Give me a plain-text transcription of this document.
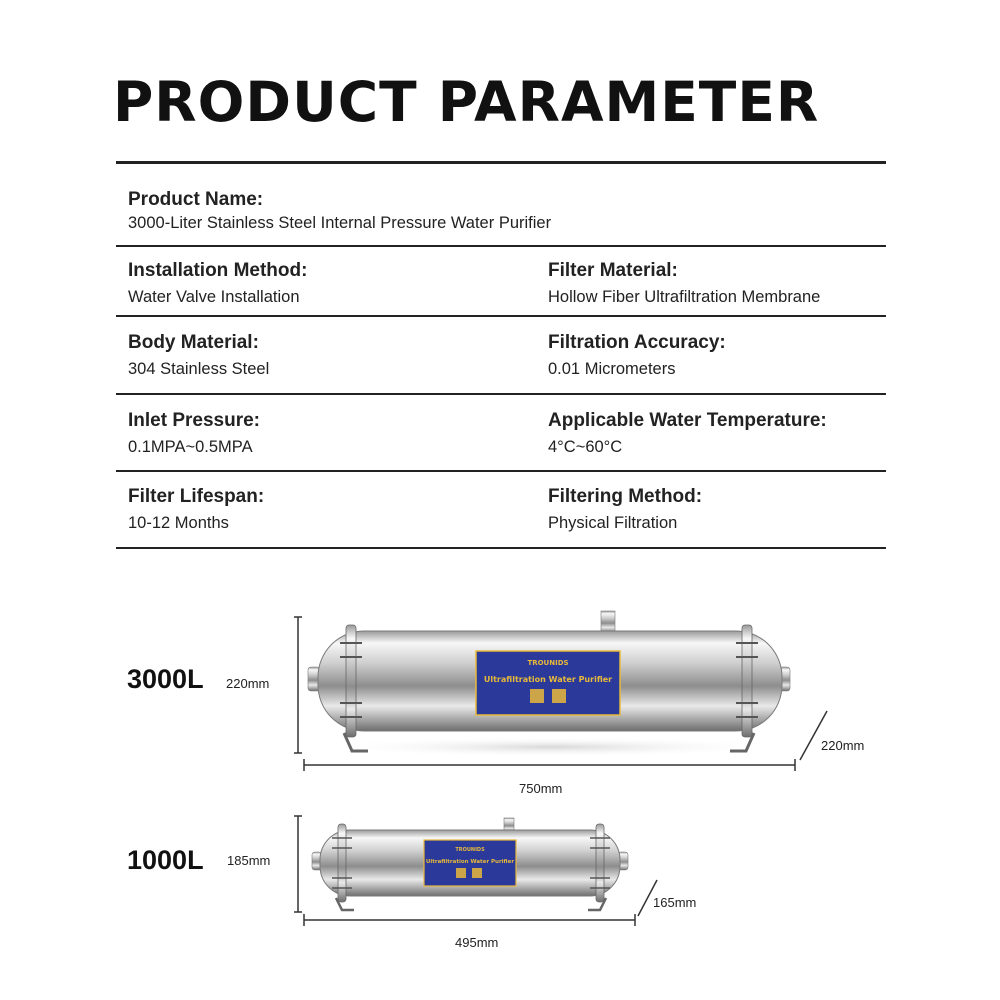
PRODUCT PARAMETER
Product Name:
3000-Liter Stainless Steel Internal Pressure Water Purifier
Installation Method:
Water Valve Installation
Filter Material:
Hollow Fiber Ultrafiltration Membrane
Body Material:
304 Stainless Steel
Filtration Accuracy:
0.01 Micrometers
Inlet Pressure:
0.1MPA~0.5MPA
Applicable Water Temperature:
4°C~60°C
Filter Lifespan:
10-12 Months
Filtering Method:
Physical Filtration
3000L 220mm
750mm
220mm
TROUNIDS
Ultrafiltration Water Purifier
1000L 185mm
495mm
165mm
TROUNIDS
Ultrafiltration Water Purifier
